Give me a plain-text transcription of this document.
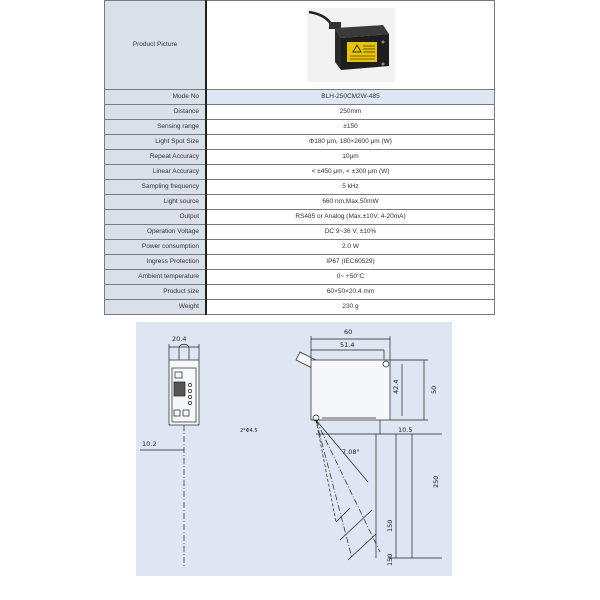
Product Picture	

Mode No	BLH-250CM2W-485
Distance	250mm
Sensing range	±150
Light Spot Size	Φ180 μm, 180×2600 μm (W)
Repeat Accuracy	10μm
Linear Accuracy	< ±450 μm, < ±300 μm (W)
Sampling frequency	5 kHz
Light source	660 nm,Max.50mW
Output	RS485 or Analog (Max.±10V, 4-20mA)
Operation Voltage	DC 9~36 V, ±10%
Power consumption	2.0 W
Ingress Protection	IP67 (IEC60529)
Ambient temperature	0~ +50°C
Product size	60×50×20.4 mm
Weight	230 g
20.4
10.2
60
51.4
42.4	50
2*Φ4.5
7.08°
10.5
250
150
150
